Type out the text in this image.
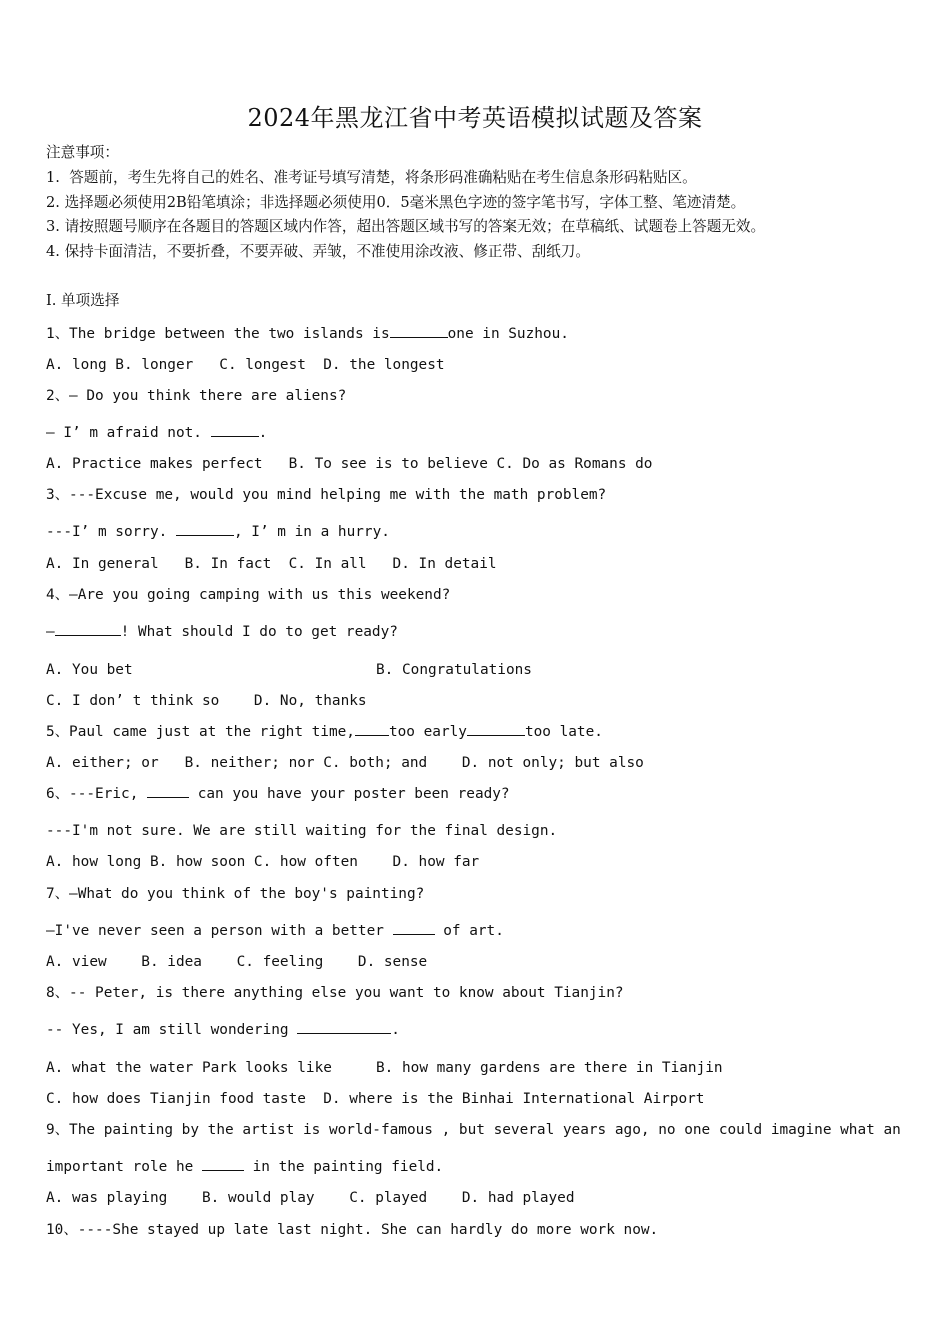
2024年黑龙江省中考英语模拟试题及答案
注意事项：
1.  答题前，考生先将自己的姓名、准考证号填写清楚，将条形码准确粘贴在考生信息条形码粘贴区。
2. 选择题必须使用2B铅笔填涂；非选择题必须使用0．5毫米黑色字迹的签字笔书写，字体工整、笔迹清楚。
3. 请按照题号顺序在各题目的答题区域内作答，超出答题区域书写的答案无效；在草稿纸、试题卷上答题无效。
4. 保持卡面清洁，不要折叠，不要弄破、弄皱，不准使用涂改液、修正带、刮纸刀。
Ⅰ. 单项选择
1、The bridge between the two islands is	one in Suzhou.
A. long B. longer   C. longest  D. the longest
2、— Do you think there are aliens?
— I’ m afraid not.	.
A. Practice makes perfect   B. To see is to believe C. Do as Romans do
3、---Excuse me, would you mind helping me with the math problem?
---I’ m sorry.	, I’ m in a hurry.
A. In general   B. In fact  C. In all   D. In detail
4、—Are you going camping with us this weekend?
—	! What should I do to get ready?
A. You bet	B. Congratulations
C. I don’ t think so    D. No, thanks
5、Paul came just at the right time, too early	too late.
A. either; or   B. neither; nor C. both; and    D. not only; but also
6、---Eric,	can you have your poster been ready?
---I'm not sure. We are still waiting for the final design.
A. how long B. how soon C. how often    D. how far
7、—What do you think of the boy's painting?
—I've never seen a person with a better	of art.
A. view    B. idea    C. feeling    D. sense
8、-- Peter, is there anything else you want to know about Tianjin?
-- Yes, I am still wondering	.
A. what the water Park looks like	B. how many gardens are there in Tianjin
C. how does Tianjin food taste  D. where is the Binhai International Airport
9、The painting by the artist is world-famous , but several years ago, no one could imagine what an
important role he	in the painting field.
A. was playing    B. would play    C. played    D. had played
10、----She stayed up late last night. She can hardly do more work now.
